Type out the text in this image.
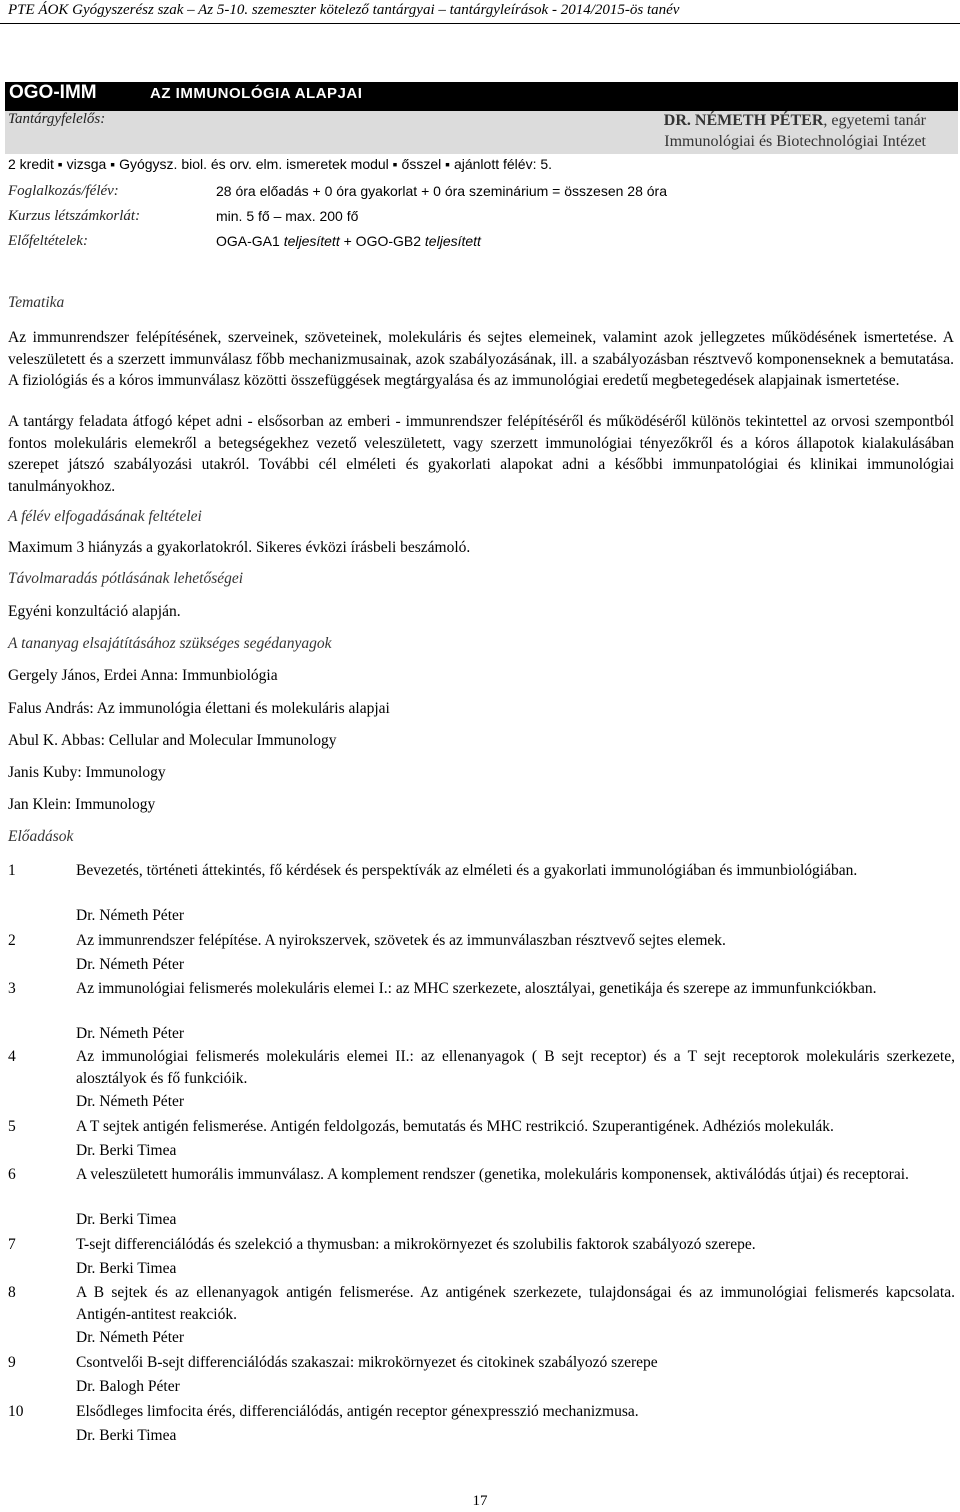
PTE ÁOK Gyógyszerész szak – Az 5-10. szemeszter kötelező tantárgyai – tantárgyleírások - 2014/2015-ös tanév
OGO-IMM	AZ IMMUNOLÓGIA ALAPJAI
Tantárgyfelelős:	DR. NÉMETH PÉTER, egyetemi tanár
Immunológiai és Biotechnológiai Intézet
2 kredit ▪ vizsga ▪ Gyógysz. biol. és orv. elm. ismeretek modul ▪ ősszel ▪ ajánlott félév: 5.
Foglalkozás/félév:	28 óra előadás + 0 óra gyakorlat + 0 óra szeminárium = összesen 28 óra
Kurzus létszámkorlát:	min. 5 fő – max. 200 fő
Előfeltételek:	OGA-GA1 teljesített + OGO-GB2 teljesített
Tematika

Az immunrendszer felépítésének, szerveinek, szöveteinek, molekuláris és sejtes elemeinek, valamint azok jellegzetes működésének ismertetése. A veleszületett és a szerzett immunválasz főbb mechanizmusainak, azok szabályozásának, ill. a szabályozásban résztvevő komponenseknek a bemutatása. A fiziológiás és a kóros immunválasz közötti összefüggések megtárgyalása és az immunológiai eredetű megbetegedések alapjainak ismertetése.

A tantárgy feladata átfogó képet adni - elsősorban az emberi - immunrendszer felépítéséről és működéséről különös tekintettel az orvosi szempontból fontos molekuláris elemekről a betegségekhez vezető veleszületett, vagy szerzett immunológiai tényezőkről és a kóros állapotok kialakulásában szerepet játszó szabályozási utakról. További cél elméleti és gyakorlati alapokat adni a későbbi immunpatológiai és klinikai immunológiai tanulmányokhoz.

A félév elfogadásának feltételei
Maximum 3 hiányzás a gyakorlatokról. Sikeres évközi írásbeli beszámoló.
Távolmaradás pótlásának lehetőségei
Egyéni konzultáció alapján.
A tananyag elsajátításához szükséges segédanyagok
Gergely János, Erdei Anna: Immunbiológia
Falus András: Az immunológia élettani és molekuláris alapjai
Abul K. Abbas: Cellular and Molecular Immunology
Janis Kuby: Immunology
Jan Klein: Immunology
Előadások
1	Bevezetés, történeti áttekintés, fő kérdések és perspektívák az elméleti és a gyakorlati immunológiában és immunbiológiában.

Dr. Németh Péter
2	Az immunrendszer felépítése. A nyirokszervek, szövetek és az immunválaszban résztvevő sejtes elemek.

Dr. Németh Péter
3	Az immunológiai felismerés molekuláris elemei I.: az MHC szerkezete, alosztályai, genetikája és szerepe az immunfunkciókban.

Dr. Németh Péter
4	Az immunológiai felismerés molekuláris elemei II.: az ellenanyagok ( B sejt receptor) és a T sejt receptorok molekuláris szerkezete, alosztályok és fő funkcióik.

Dr. Németh Péter
5	A T sejtek antigén felismerése. Antigén feldolgozás, bemutatás és MHC restrikció. Szuperantigének. Adhéziós molekulák.

Dr. Berki Timea
6	A veleszületett humorális immunválasz. A komplement rendszer (genetika, molekuláris komponensek, aktiválódás útjai) és receptorai.

Dr. Berki Timea
7	T-sejt differenciálódás és szelekció a thymusban: a mikrokörnyezet és szolubilis faktorok szabályozó szerepe.

Dr. Berki Timea
8	A B sejtek és az ellenanyagok antigén felismerése. Az antigének szerkezete, tulajdonságai és az immunológiai felismerés kapcsolata. Antigén-antitest reakciók.

Dr. Németh Péter
9	Csontvelői B-sejt differenciálódás szakaszai: mikrokörnyezet és citokinek szabályozó szerepe

Dr. Balogh Péter
10	Elsődleges limfocita érés, differenciálódás, antigén receptor génexpresszió mechanizmusa.

Dr. Berki Timea
17
